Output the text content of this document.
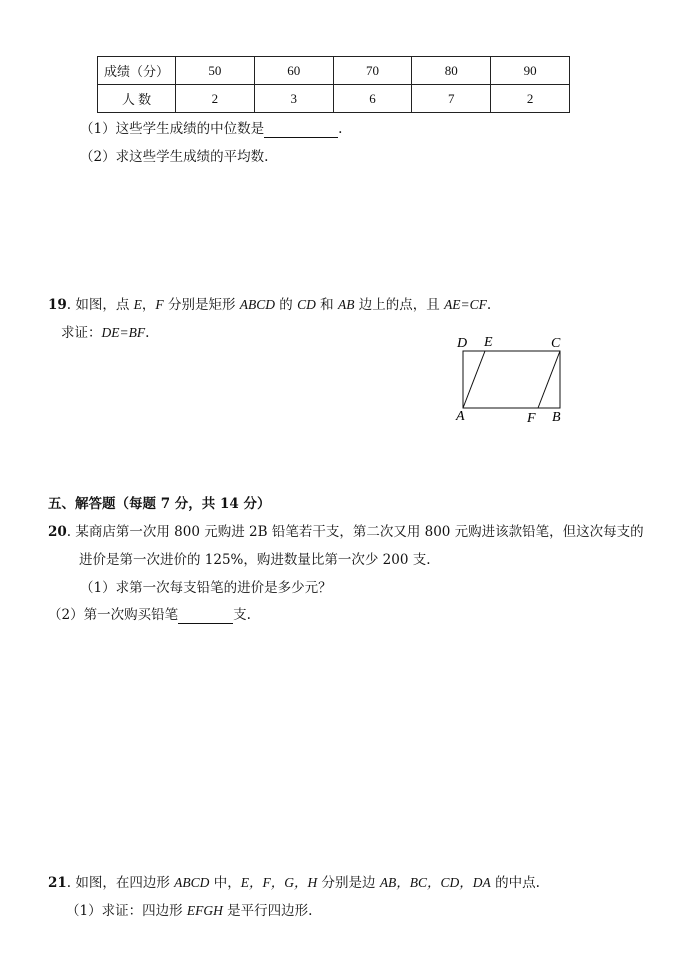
成绩（分）	50	60	70	80	90
人 数	2	3	6	7	2
（1）这些学生成绩的中位数是	.
（2）求这些学生成绩的平均数.
19. 如图，点 E，F 分别是矩形 ABCD 的 CD 和 AB 边上的点，且 AE=CF.
求证：DE=BF.
D E	C
A	F B
五、解答题（每题 7 分，共 14 分）
20. 某商店第一次用 800 元购进 2B 铅笔若干支，第二次又用 800 元购进该款铅笔，但这次每支的
进价是第一次进价的 125%，购进数量比第一次少 200 支.
（1）求第一次每支铅笔的进价是多少元？
（2）第一次购买铅笔	支.
21. 如图，在四边形 ABCD 中，E，F，G，H 分别是边 AB，BC，CD，DA 的中点.
（1）求证：四边形 EFGH 是平行四边形.
